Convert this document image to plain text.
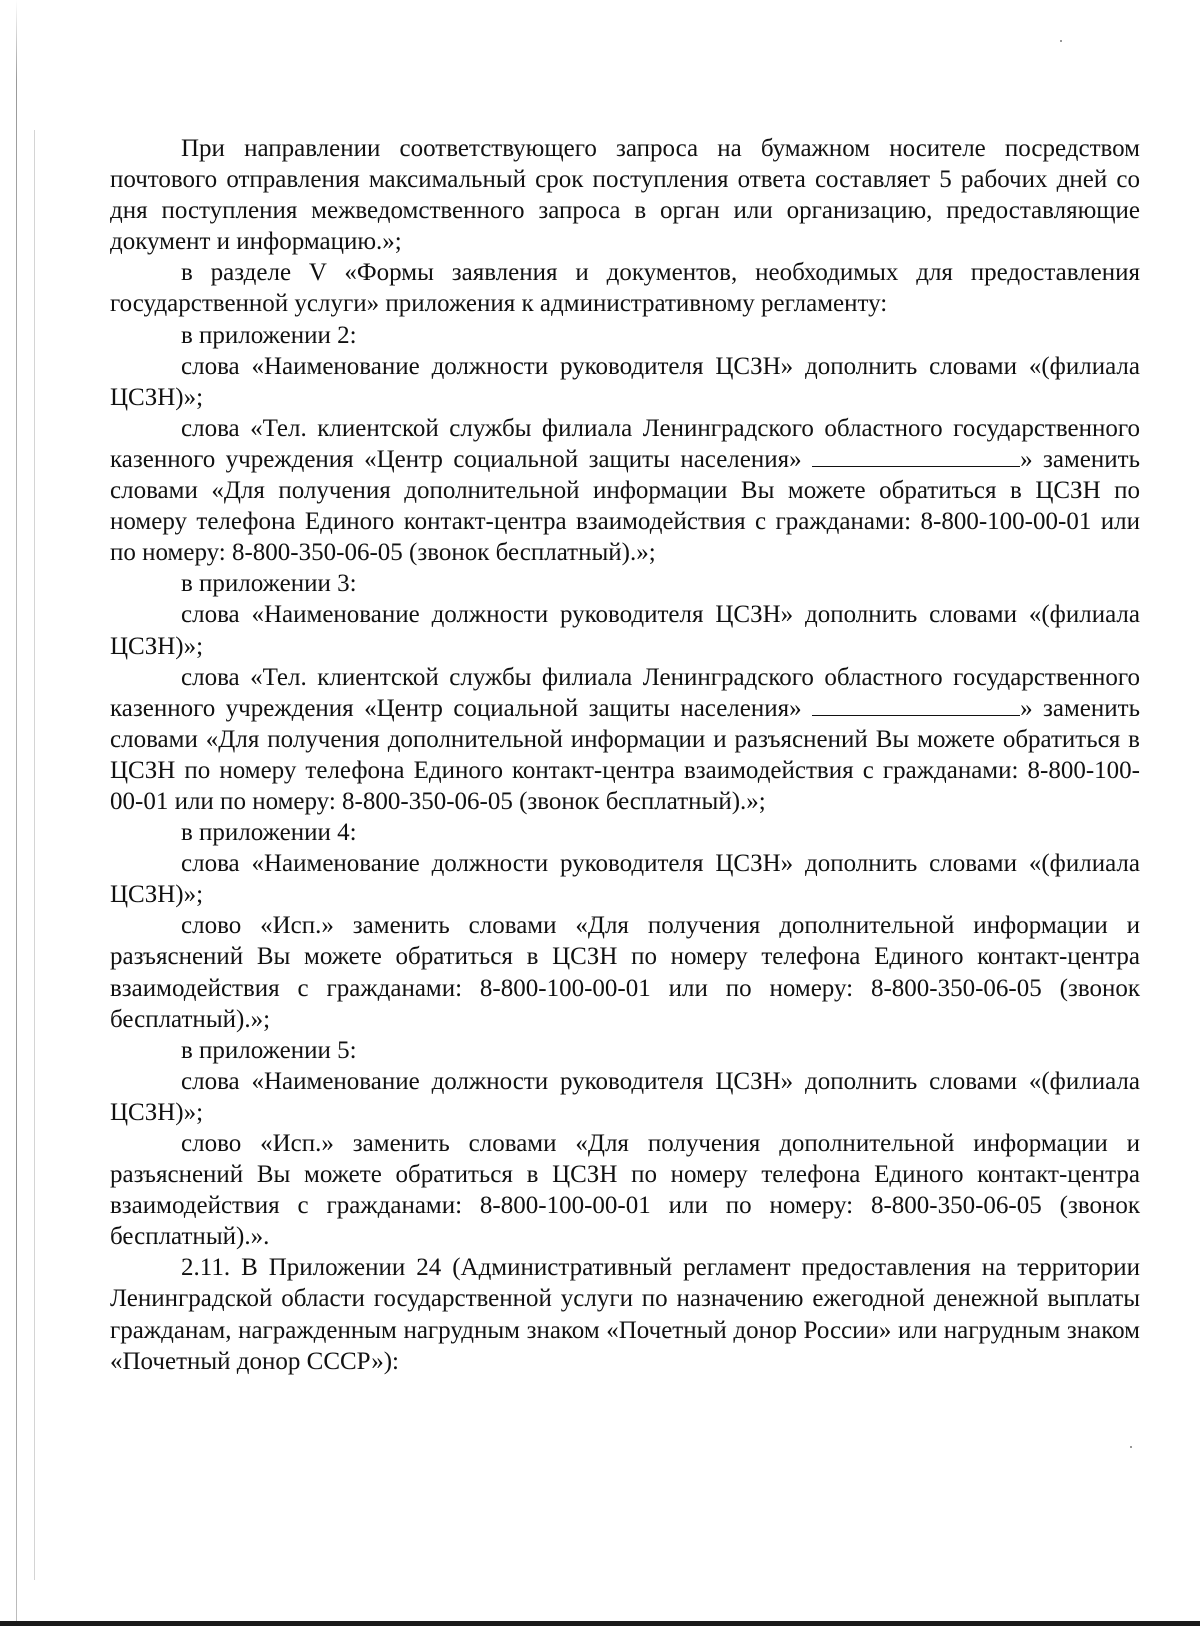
При направлении соответствующего запроса на бумажном носителе посредством почтового отправления максимальный срок поступления ответа составляет 5 рабочих дней со дня поступления межведомственного запроса в орган или организацию, предоставляющие документ и информацию.»;

в разделе V «Формы заявления и документов, необходимых для предоставления государственной услуги» приложения к административному регламенту:

в приложении 2:

слова «Наименование должности руководителя ЦСЗН» дополнить словами «(филиала ЦСЗН)»;

слова «Тел. клиентской службы филиала Ленинградского областного государственного казенного учреждения «Центр социальной защиты населения»	» заменить словами «Для получения дополнительной информации Вы можете обратиться в ЦСЗН по номеру телефона Единого контакт-центра взаимодействия с гражданами: 8-800-100-00-01 или по номеру: 8-800-350-06-05 (звонок бесплатный).»;

в приложении 3:

слова «Наименование должности руководителя ЦСЗН» дополнить словами «(филиала ЦСЗН)»;

слова «Тел. клиентской службы филиала Ленинградского областного государственного казенного учреждения «Центр социальной защиты населения»	» заменить словами «Для получения дополнительной информации и разъяснений Вы можете обратиться в ЦСЗН по номеру телефона Единого контакт-центра взаимодействия с гражданами: 8-800-100-00-01 или по номеру: 8-800-350-06-05 (звонок бесплатный).»;

в приложении 4:

слова «Наименование должности руководителя ЦСЗН» дополнить словами «(филиала ЦСЗН)»;

слово «Исп.» заменить словами «Для получения дополнительной информации и разъяснений Вы можете обратиться в ЦСЗН по номеру телефона Единого контакт-центра взаимодействия с гражданами: 8-800-100-00-01 или по номеру: 8-800-350-06-05 (звонок бесплатный).»;

в приложении 5:

слова «Наименование должности руководителя ЦСЗН» дополнить словами «(филиала ЦСЗН)»;

слово «Исп.» заменить словами «Для получения дополнительной информации и разъяснений Вы можете обратиться в ЦСЗН по номеру телефона Единого контакт-центра взаимодействия с гражданами: 8-800-100-00-01 или по номеру: 8-800-350-06-05 (звонок бесплатный).».

2.11. В Приложении 24 (Административный регламент предоставления на территории Ленинградской области государственной услуги по назначению ежегодной денежной выплаты гражданам, награжденным нагрудным знаком «Почетный донор России» или нагрудным знаком «Почетный донор СССР»):
